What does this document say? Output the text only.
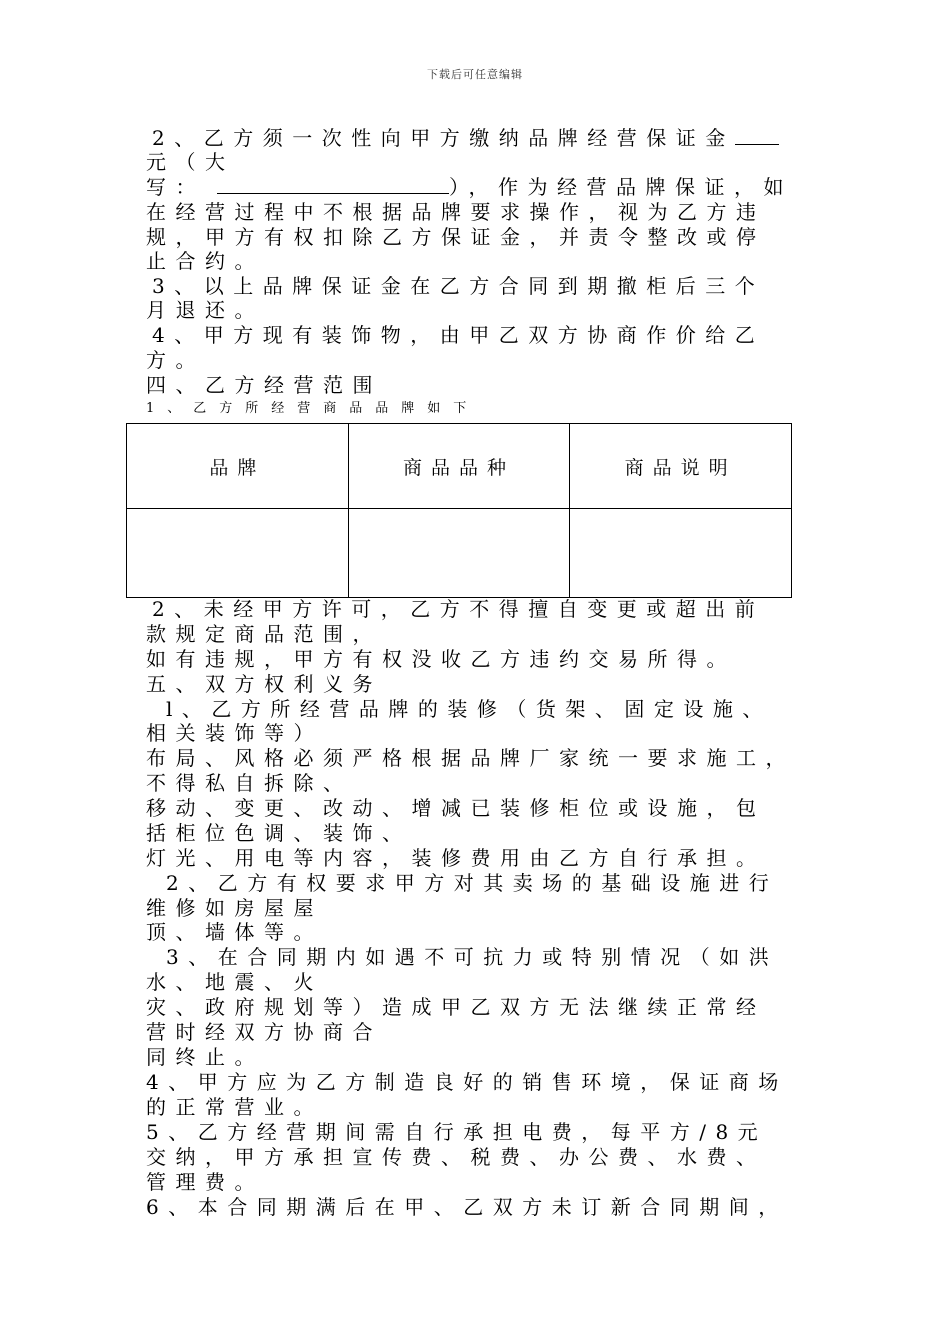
下载后可任意编辑
2、乙方须一次性向甲方缴纳品牌经营保证金
元（大
写：	），作为经营品牌保证，如
在经营过程中不根据品牌要求操作，视为乙方违
规，甲方有权扣除乙方保证金，并责令整改或停
止合约。
3、以上品牌保证金在乙方合同到期撤柜后三个
月退还。
4、甲方现有装饰物，由甲乙双方协商作价给乙
方。
四、乙方经营范围
1、乙方所经营商品品牌如下
品牌	商品品种	商品说明

2、未经甲方许可，乙方不得擅自变更或超出前
款规定商品范围，
如有违规，甲方有权没收乙方违约交易所得。
五、双方权利义务
l、乙方所经营品牌的装修（货架、固定设施、
相关装饰等）
布局、风格必须严格根据品牌厂家统一要求施工，
不得私自拆除、
移动、变更、改动、增减已装修柜位或设施，包
括柜位色调、装饰、
灯光、用电等内容，装修费用由乙方自行承担。
2、乙方有权要求甲方对其卖场的基础设施进行
维修如房屋屋
顶、墙体等。
3、在合同期内如遇不可抗力或特别情况（如洪
水、地震、火
灾、政府规划等）造成甲乙双方无法继续正常经
营时经双方协商合
同终止。
4、甲方应为乙方制造良好的销售环境，保证商场
的正常营业。
5、乙方经营期间需自行承担电费，每平方/8元
交纳，甲方承担宣传费、税费、办公费、水费、
管理费。
6、本合同期满后在甲、乙双方未订新合同期间，
